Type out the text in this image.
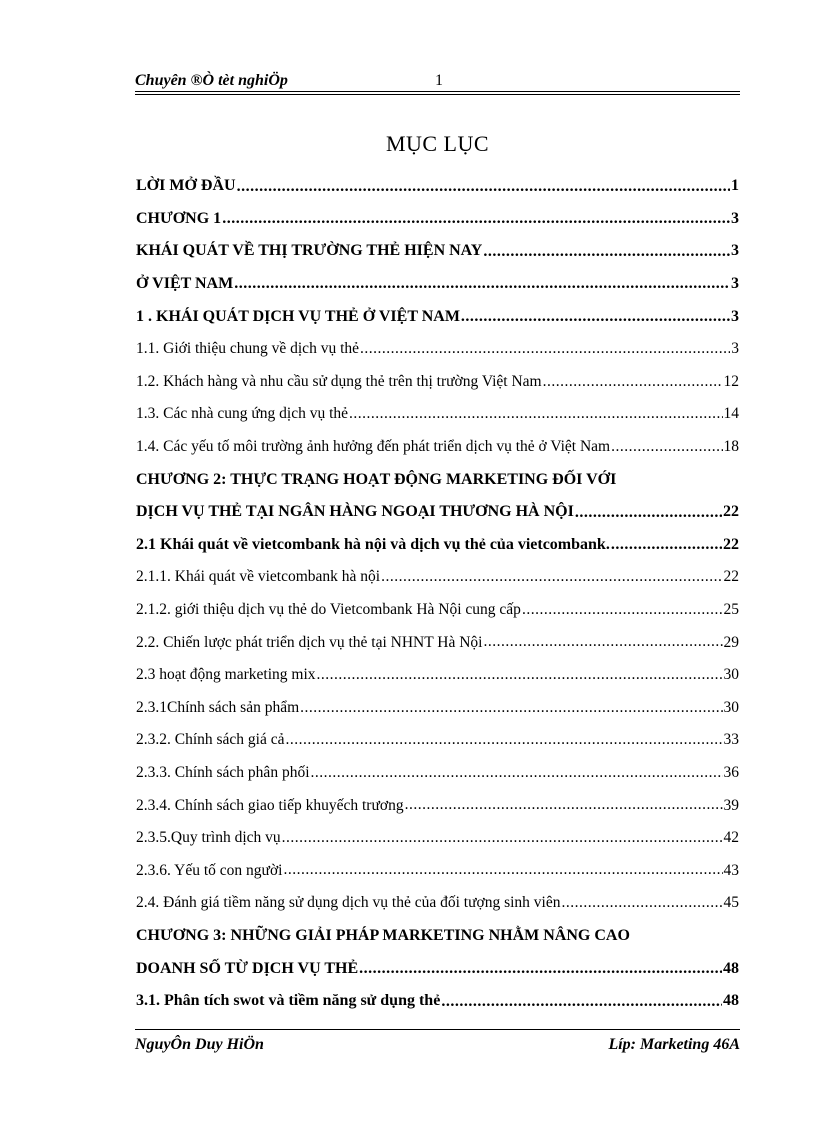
Chuyên ®Ò tèt nghiÖp	1
MỤC LỤC
LỜI MỞ ĐẦU .....	1
CHƯƠNG 1 .....	3
KHÁI QUÁT VỀ THỊ TRƯỜNG THẺ HIỆN NAY .....	3
Ở VIỆT NAM .....	3
1 . KHÁI QUÁT DỊCH VỤ THẺ Ở VIỆT NAM .....	3
1.1. Giới thiệu chung về dịch vụ thẻ .....	3
1.2. Khách hàng và nhu cầu sử dụng thẻ trên thị trường Việt Nam .....	12
1.3. Các nhà cung ứng dịch vụ thẻ .....	14
1.4. Các yếu tố môi trường ảnh hưởng đến phát triển dịch vụ thẻ ở Việt Nam .....	18
CHƯƠNG 2: THỰC TRẠNG HOẠT ĐỘNG MARKETING ĐỐI VỚI
DỊCH VỤ THẺ TẠI NGÂN HÀNG NGOẠI THƯƠNG HÀ NỘI .....	22
2.1 Khái quát về vietcombank hà nội và dịch vụ thẻ của vietcombank. .....	22
2.1.1. Khái quát về vietcombank hà nội .....	22
2.1.2. giới thiệu dịch vụ thẻ do Vietcombank Hà Nội cung cấp .....	25
2.2. Chiến lược phát triển dịch vụ thẻ tại NHNT Hà Nội .....	29
2.3 hoạt động marketing mix .....	30
2.3.1Chính sách sản phẩm .....	30
2.3.2. Chính sách giá cả .....	33
2.3.3. Chính sách phân phối .....	36
2.3.4. Chính sách giao tiếp khuyếch trương .....	39
2.3.5.Quy trình dịch vụ .....	42
2.3.6. Yếu tố con người .....	43
2.4. Đánh giá tiềm năng sử dụng dịch vụ thẻ của đối tượng sinh viên .....	45
CHƯƠNG 3: NHỮNG GIẢI PHÁP MARKETING NHẰM NÂNG CAO
DOANH SỐ TỪ DỊCH VỤ THẺ .....	48
3.1. Phân tích swot và tiềm năng sử dụng thẻ .....	48
NguyÔn Duy HiÖn	Líp: Marketing 46A
